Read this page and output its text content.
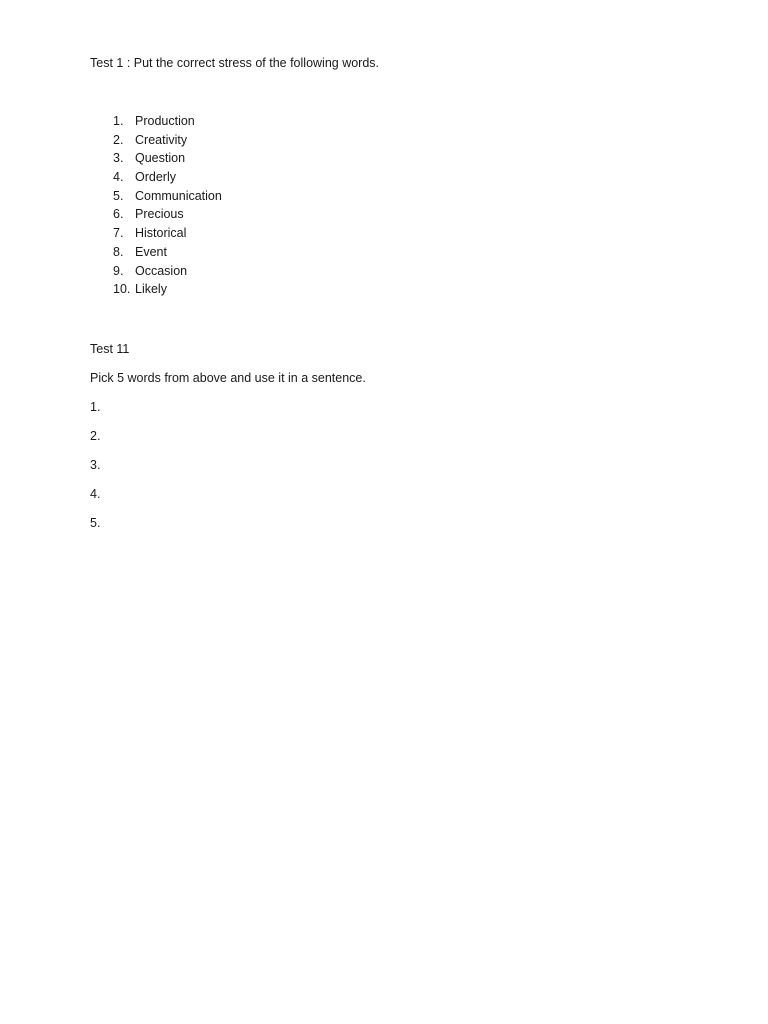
Test 1 : Put the correct stress of the following words.
1. Production
2. Creativity
3. Question
4. Orderly
5. Communication
6. Precious
7. Historical
8. Event
9. Occasion
10. Likely
Test 11
Pick 5 words from above and use it in a sentence.
1.
2.
3.
4.
5.
